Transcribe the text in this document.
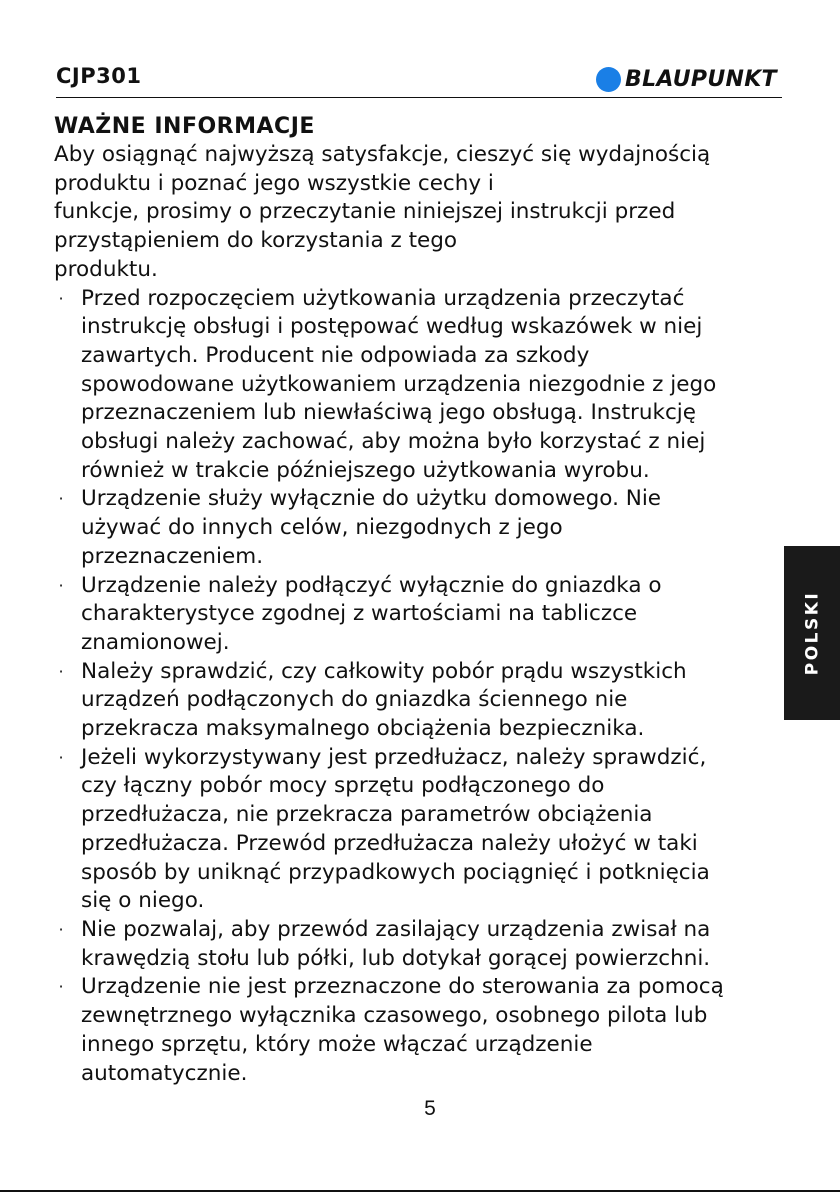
CJP301	BLAUPUNKT
WAŻNE INFORMACJE

Aby osiągnąć najwyższą satysfakcje, cieszyć się wydajnością

produktu i poznać jego wszystkie cechy i

funkcje, prosimy o przeczytanie niniejszej instrukcji przed

przystąpieniem do korzystania z tego

produktu.

· Przed rozpoczęciem użytkowania urządzenia przeczytać
instrukcję obsługi i postępować według wskazówek w niej
zawartych. Producent nie odpowiada za szkody
spowodowane użytkowaniem urządzenia niezgodnie z jego
przeznaczeniem lub niewłaściwą jego obsługą. Instrukcję
obsługi należy zachować, aby można było korzystać z niej
również w trakcie późniejszego użytkowania wyrobu.
· Urządzenie służy wyłącznie do użytku domowego. Nie
używać do innych celów, niezgodnych z jego
przeznaczeniem.
· Urządzenie należy podłączyć wyłącznie do gniazdka o
charakterystyce zgodnej z wartościami na tabliczce
znamionowej.
· Należy sprawdzić, czy całkowity pobór prądu wszystkich
urządzeń podłączonych do gniazdka ściennego nie
przekracza maksymalnego obciążenia bezpiecznika.
· Jeżeli wykorzystywany jest przedłużacz, należy sprawdzić,
czy łączny pobór mocy sprzętu podłączonego do
przedłużacza, nie przekracza parametrów obciążenia
przedłużacza. Przewód przedłużacza należy ułożyć w taki
sposób by uniknąć przypadkowych pociągnięć i potknięcia
się o niego.
· Nie pozwalaj, aby przewód zasilający urządzenia zwisał na
krawędzią stołu lub półki, lub dotykał gorącej powierzchni.
· Urządzenie nie jest przeznaczone do sterowania za pomocą
zewnętrznego wyłącznika czasowego, osobnego pilota lub
innego sprzętu, który może włączać urządzenie
automatycznie.
POLSKI
5
